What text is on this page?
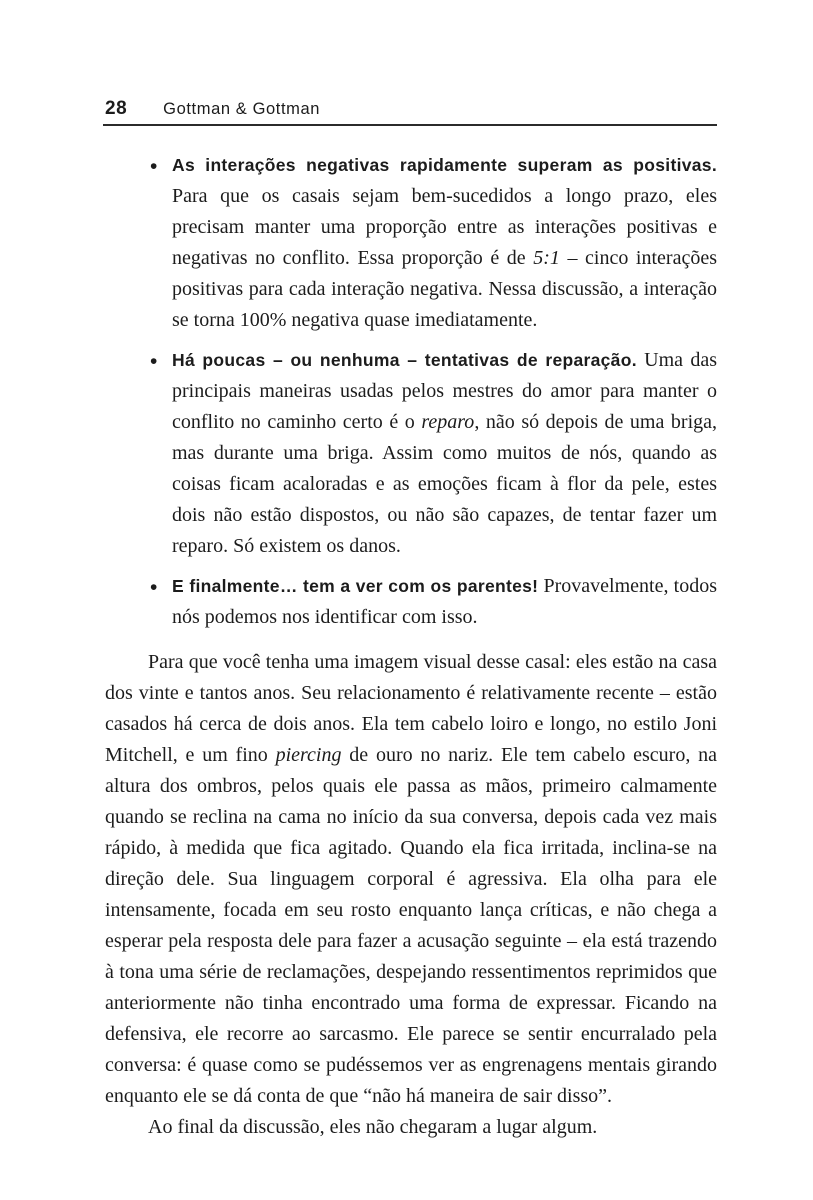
28 Gottman & Gottman
• As interações negativas rapidamente superam as positivas. Para que os casais sejam bem-sucedidos a longo prazo, eles precisam manter uma proporção entre as interações positivas e negativas no conflito. Essa proporção é de 5:1 – cinco interações positivas para cada interação negativa. Nessa discussão, a interação se torna 100% negativa quase imediatamente.

• Há poucas – ou nenhuma – tentativas de reparação. Uma das principais maneiras usadas pelos mestres do amor para manter o conflito no caminho certo é o reparo, não só depois de uma briga, mas durante uma briga. Assim como muitos de nós, quando as coisas ficam acaloradas e as emoções ficam à flor da pele, estes dois não estão dispostos, ou não são capazes, de tentar fazer um reparo. Só existem os danos.

• E finalmente… tem a ver com os parentes! Provavelmente, todos nós podemos nos identificar com isso.

Para que você tenha uma imagem visual desse casal: eles estão na casa dos vinte e tantos anos. Seu relacionamento é relativamente recente – estão casados há cerca de dois anos. Ela tem cabelo loiro e longo, no estilo Joni Mitchell, e um fino piercing de ouro no nariz. Ele tem cabelo escuro, na altura dos ombros, pelos quais ele passa as mãos, primeiro calmamente quando se reclina na cama no início da sua conversa, depois cada vez mais rápido, à medida que fica agitado. Quando ela fica irritada, inclina-se na direção dele. Sua linguagem corporal é agressiva. Ela olha para ele intensamente, focada em seu rosto enquanto lança críticas, e não chega a esperar pela resposta dele para fazer a acusação seguinte – ela está trazendo à tona uma série de reclamações, despejando ressentimentos reprimidos que anteriormente não tinha encontrado uma forma de expressar. Ficando na defensiva, ele recorre ao sarcasmo. Ele parece se sentir encurralado pela conversa: é quase como se pudéssemos ver as engrenagens mentais girando enquanto ele se dá conta de que “não há maneira de sair disso”.

Ao final da discussão, eles não chegaram a lugar algum.
